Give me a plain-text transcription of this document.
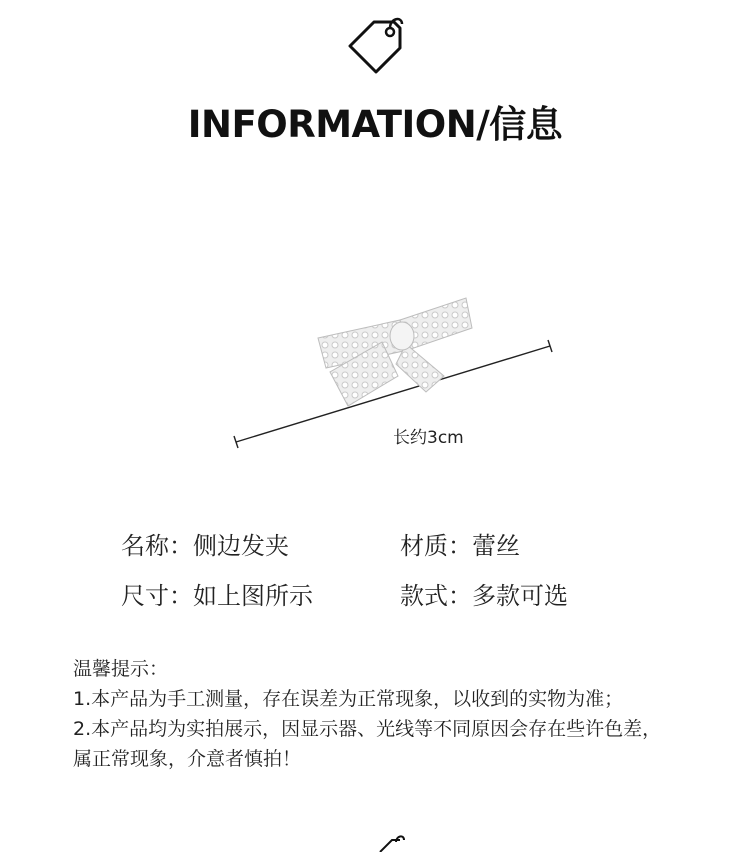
INFORMATION/信息
长约3cm
名称：侧边发夹	材质：蕾丝
尺寸：如上图所示	款式：多款可选
温馨提示：
1.本产品为手工测量，存在误差为正常现象，以收到的实物为准；
2.本产品均为实拍展示，因显示器、光线等不同原因会存在些许色差，
属正常现象，介意者慎拍！
